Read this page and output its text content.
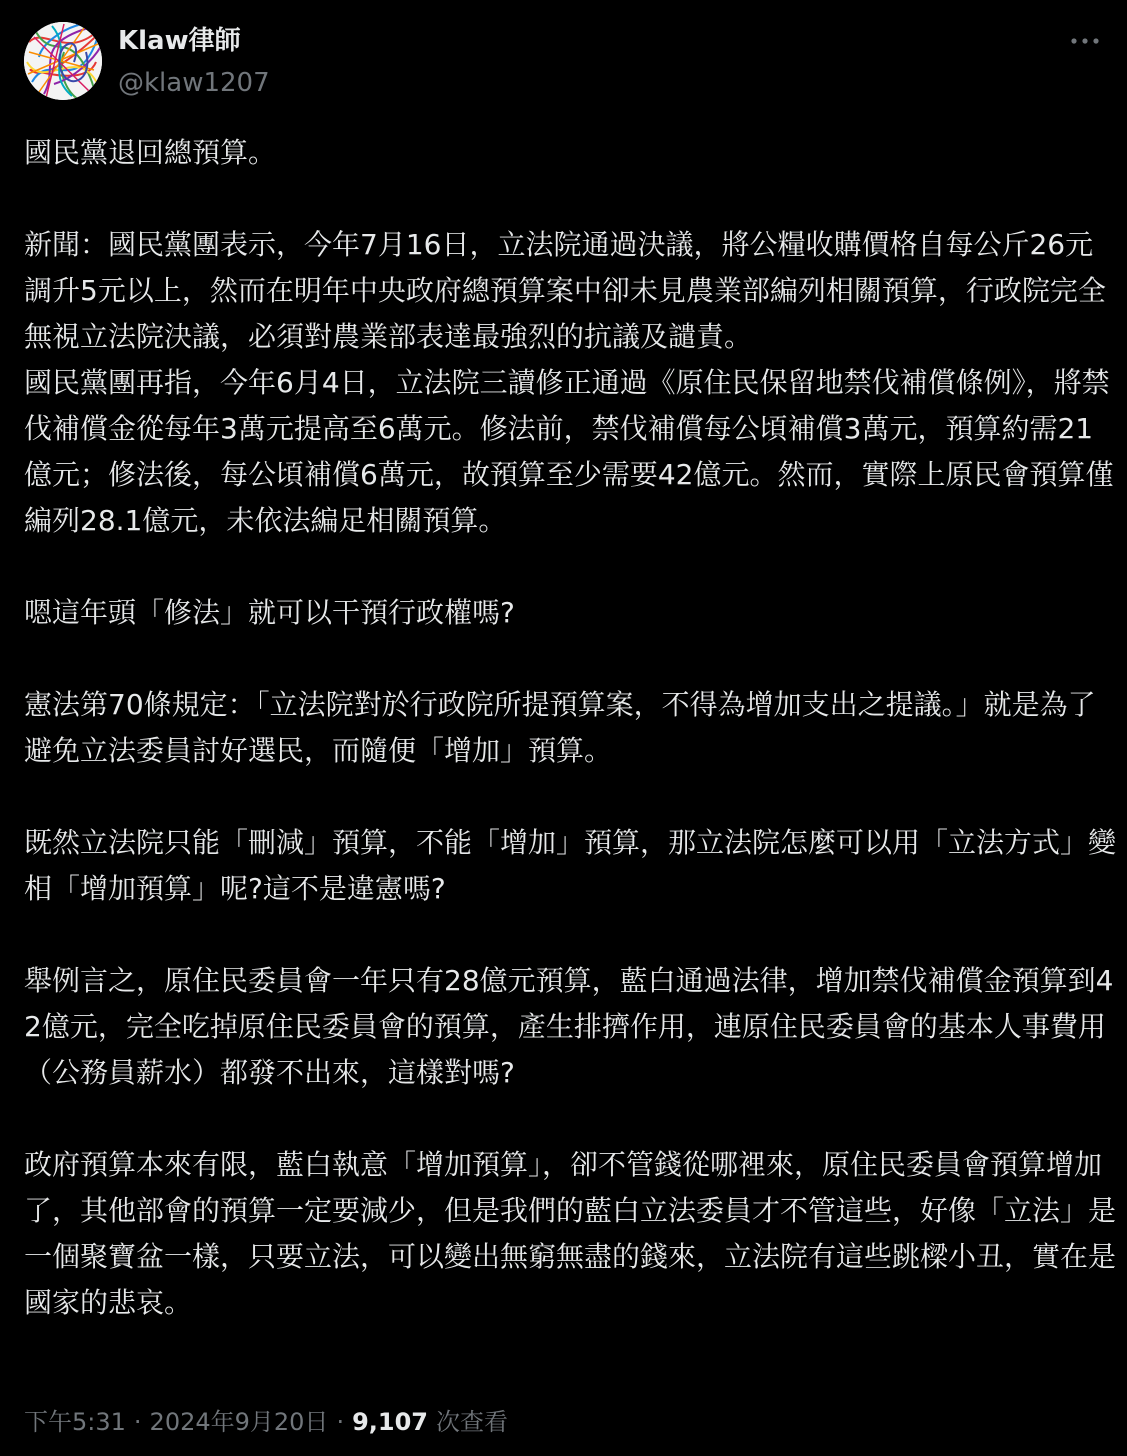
Klaw律師
@klaw1207

國民黨退回總預算。

新聞：國民黨團表示，今年7月16日，立法院通過決議，將公糧收購價格自每公斤26元調升5元以上，然而在明年中央政府總預算案中卻未見農業部編列相關預算，行政院完全無視立法院決議，必須對農業部表達最強烈的抗議及譴責。

國民黨團再指，今年6月4日，立法院三讀修正通過《原住民保留地禁伐補償條例》，將禁伐補償金從每年3萬元提高至6萬元。修法前，禁伐補償每公頃補償3萬元，預算約需21億元；修法後，每公頃補償6萬元，故預算至少需要42億元。然而，實際上原民會預算僅編列28.1億元，未依法編足相關預算。

嗯這年頭「修法」就可以干預行政權嗎?

憲法第70條規定：「立法院對於行政院所提預算案，不得為增加支出之提議。」就是為了避免立法委員討好選民，而隨便「增加」預算。

既然立法院只能「刪減」預算，不能「增加」預算，那立法院怎麼可以用「立法方式」變相「增加預算」呢?這不是違憲嗎?

舉例言之，原住民委員會一年只有28億元預算，藍白通過法律，增加禁伐補償金預算到42億元，完全吃掉原住民委員會的預算，產生排擠作用，連原住民委員會的基本人事費用（公務員薪水）都發不出來，這樣對嗎?

政府預算本來有限，藍白執意「增加預算」，卻不管錢從哪裡來，原住民委員會預算增加了，其他部會的預算一定要減少，但是我們的藍白立法委員才不管這些，好像「立法」是一個聚寶盆一樣，只要立法，可以變出無窮無盡的錢來，立法院有這些跳樑小丑，實在是國家的悲哀。

下午5:31 · 2024年9月20日 · 9,107 次查看
